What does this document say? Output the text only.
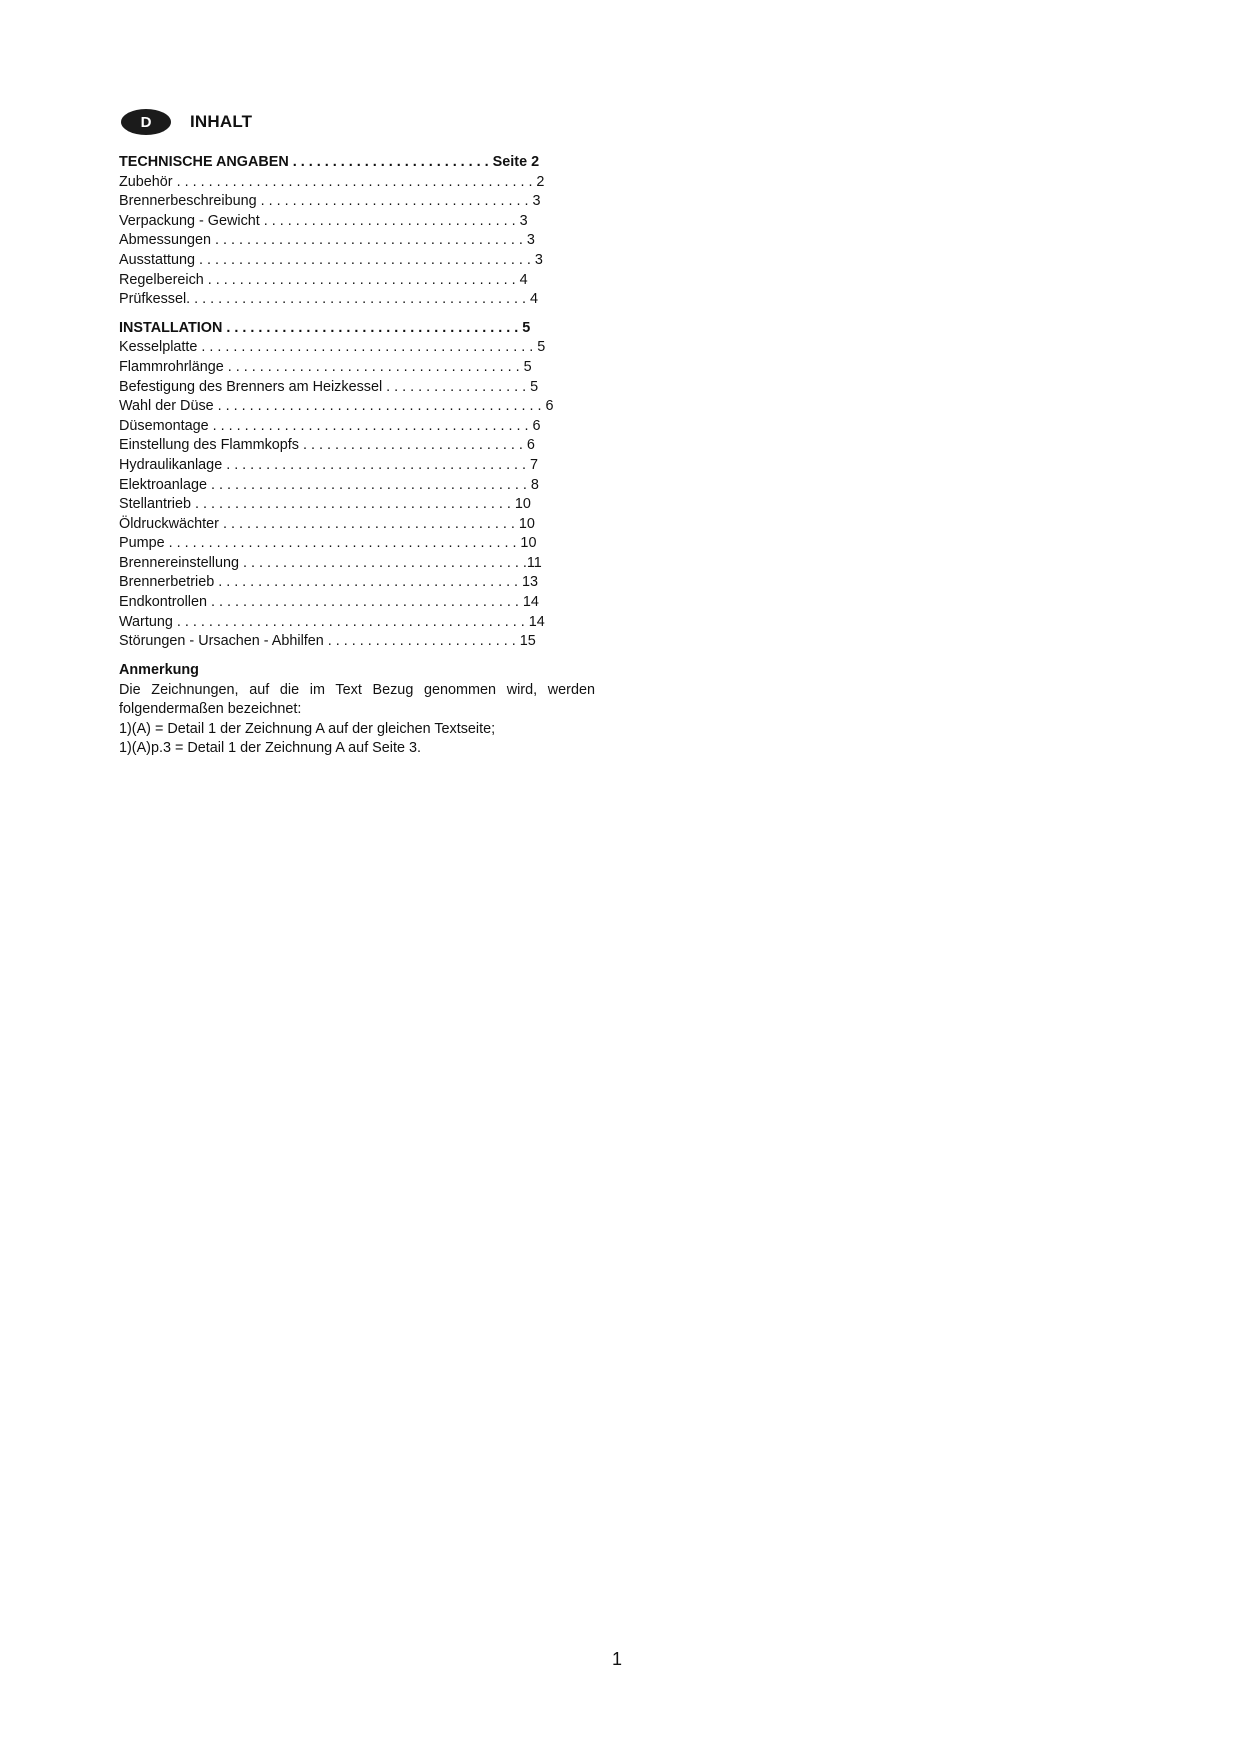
D	INHALT
TECHNISCHE ANGABEN . . . . . . . . . . . . . . . . . . . . . . . . . Seite 2
Zubehör . . . . . . . . . . . . . . . . . . . . . . . . . . . . . . . . . . . . . . . . . . . . . 2
Brennerbeschreibung . . . . . . . . . . . . . . . . . . . . . . . . . . . . . . . . . . 3
Verpackung - Gewicht . . . . . . . . . . . . . . . . . . . . . . . . . . . . . . . . 3
Abmessungen . . . . . . . . . . . . . . . . . . . . . . . . . . . . . . . . . . . . . . . 3
Ausstattung . . . . . . . . . . . . . . . . . . . . . . . . . . . . . . . . . . . . . . . . . . 3
Regelbereich . . . . . . . . . . . . . . . . . . . . . . . . . . . . . . . . . . . . . . . 4
Prüfkessel. . . . . . . . . . . . . . . . . . . . . . . . . . . . . . . . . . . . . . . . . . . 4
INSTALLATION . . . . . . . . . . . . . . . . . . . . . . . . . . . . . . . . . . . . . 5
Kesselplatte . . . . . . . . . . . . . . . . . . . . . . . . . . . . . . . . . . . . . . . . . . 5
Flammrohrlänge . . . . . . . . . . . . . . . . . . . . . . . . . . . . . . . . . . . . . 5
Befestigung des Brenners am Heizkessel . . . . . . . . . . . . . . . . . . 5
Wahl der Düse . . . . . . . . . . . . . . . . . . . . . . . . . . . . . . . . . . . . . . . . . 6
Düsemontage . . . . . . . . . . . . . . . . . . . . . . . . . . . . . . . . . . . . . . . . 6
Einstellung des Flammkopfs . . . . . . . . . . . . . . . . . . . . . . . . . . . . 6
Hydraulikanlage . . . . . . . . . . . . . . . . . . . . . . . . . . . . . . . . . . . . . . 7
Elektroanlage . . . . . . . . . . . . . . . . . . . . . . . . . . . . . . . . . . . . . . . . 8
Stellantrieb . . . . . . . . . . . . . . . . . . . . . . . . . . . . . . . . . . . . . . . . 10
Öldruckwächter . . . . . . . . . . . . . . . . . . . . . . . . . . . . . . . . . . . . . 10
Pumpe . . . . . . . . . . . . . . . . . . . . . . . . . . . . . . . . . . . . . . . . . . . . 10
Brennereinstellung . . . . . . . . . . . . . . . . . . . . . . . . . . . . . . . . . . . .11
Brennerbetrieb . . . . . . . . . . . . . . . . . . . . . . . . . . . . . . . . . . . . . . 13
Endkontrollen . . . . . . . . . . . . . . . . . . . . . . . . . . . . . . . . . . . . . . . 14
Wartung . . . . . . . . . . . . . . . . . . . . . . . . . . . . . . . . . . . . . . . . . . . . 14
Störungen - Ursachen - Abhilfen . . . . . . . . . . . . . . . . . . . . . . . . 15
Anmerkung
Die Zeichnungen, auf die im Text Bezug genommen wird, werden folgendermaßen bezeichnet:
1)(A) = Detail 1 der Zeichnung A auf der gleichen Textseite;
1)(A)p.3 = Detail 1 der Zeichnung A auf Seite 3.
1
